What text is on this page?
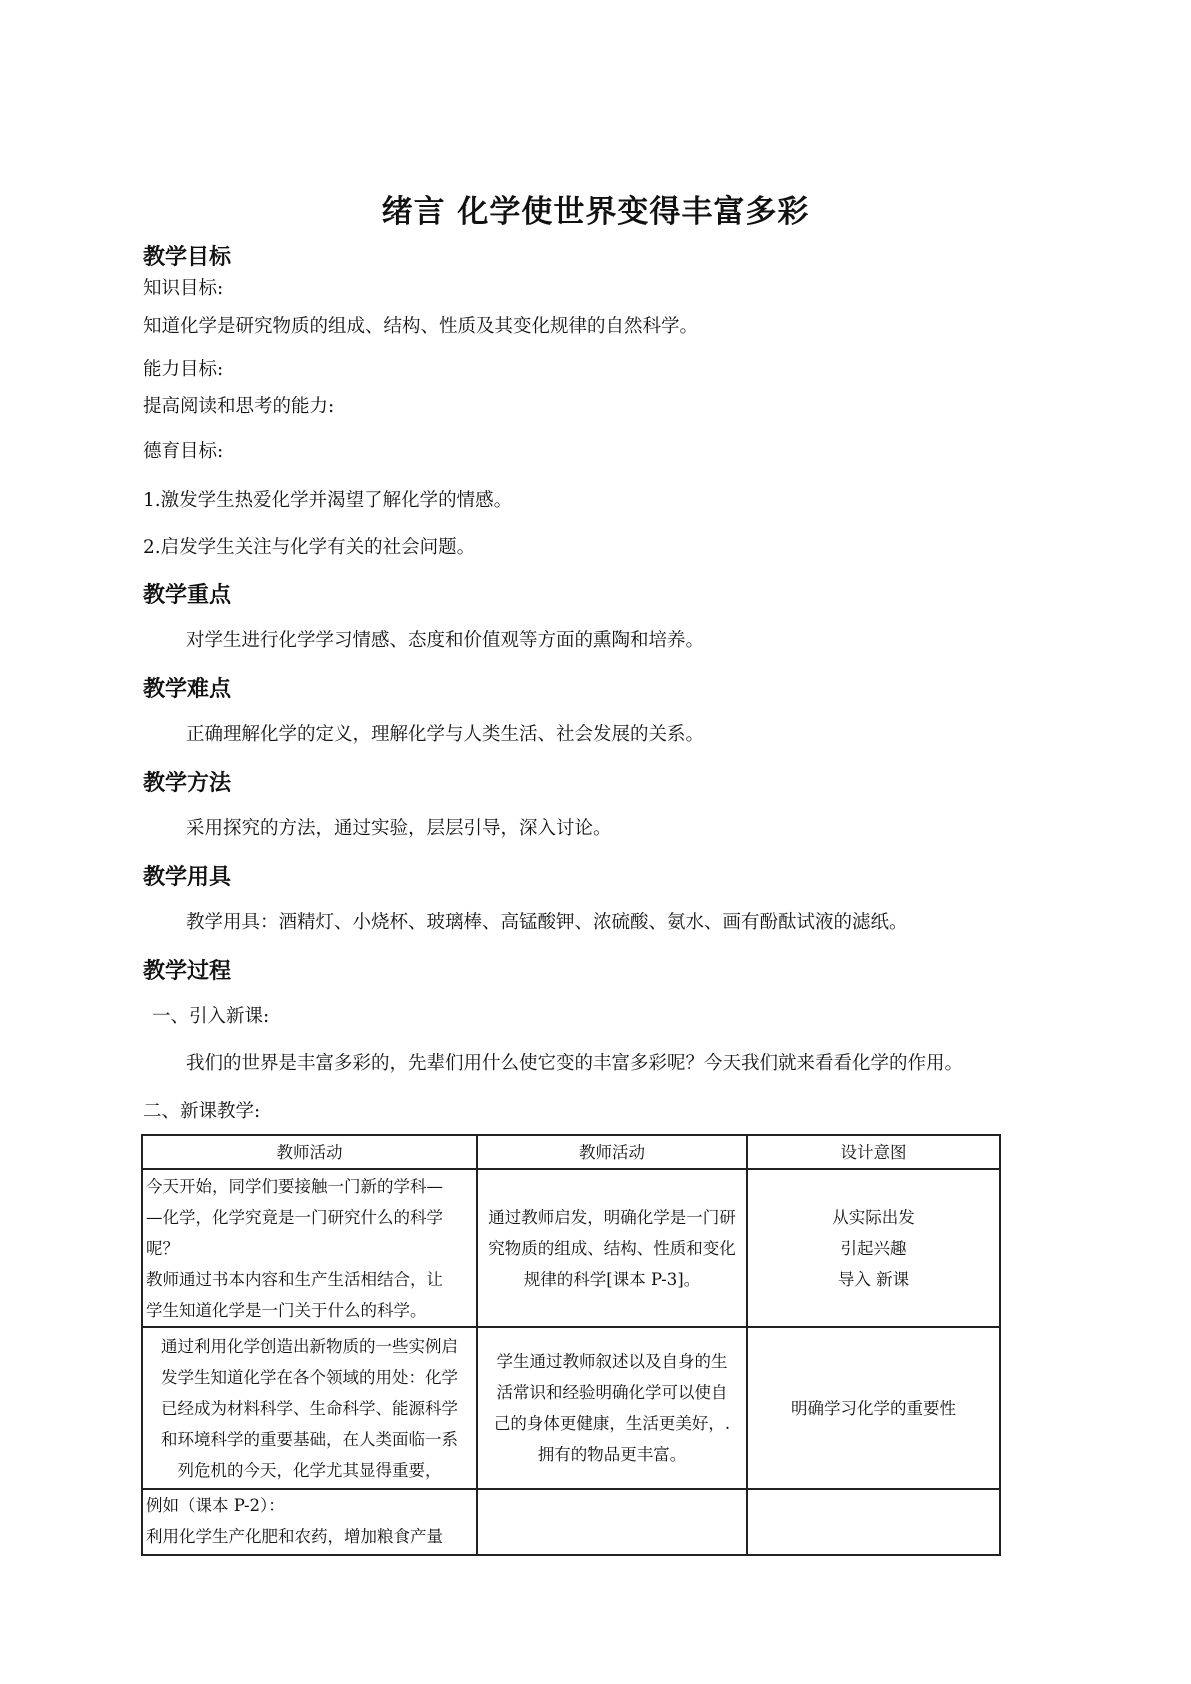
绪言 化学使世界变得丰富多彩
教学目标
知识目标:
知道化学是研究物质的组成、结构、性质及其变化规律的自然科学。
能力目标:
提高阅读和思考的能力:
德育目标:
1.激发学生热爱化学并渴望了解化学的情感。
2.启发学生关注与化学有关的社会问题。
教学重点
对学生进行化学学习情感、态度和价值观等方面的熏陶和培养。
教学难点
正确理解化学的定义，理解化学与人类生活、社会发展的关系。
教学方法
采用探究的方法，通过实验，层层引导，深入讨论。
教学用具
教学用具：酒精灯、小烧杯、玻璃棒、高锰酸钾、浓硫酸、氨水、画有酚酞试液的滤纸。
教学过程
一、引入新课:
我们的世界是丰富多彩的，先辈们用什么使它变的丰富多彩呢？今天我们就来看看化学的作用。
二、新课教学:
教师活动	教师活动	设计意图

今天开始，同学们要接触一门新的学科—
—化学，化学究竟是一门研究什么的科学
呢？
教师通过书本内容和生产生活相结合，让
学生知道化学是一门关于什么的科学。	通过教师启发，明确化学是一门研
究物质的组成、结构、性质和变化
规律的科学[课本 P-3]。	从实际出发
引起兴趣
导入 新课

通过利用化学创造出新物质的一些实例启
发学生知道化学在各个领域的用处：化学
已经成为材料科学、生命科学、能源科学
和环境科学的重要基础，在人类面临一系
列危机的今天，化学尤其显得重要，	学生通过教师叙述以及自身的生
活常识和经验明确化学可以使自
己的身体更健康，生活更美好，.
拥有的物品更丰富。	明确学习化学的重要性

例如（课本 P-2）：
利用化学生产化肥和农药，增加粮食产量		
